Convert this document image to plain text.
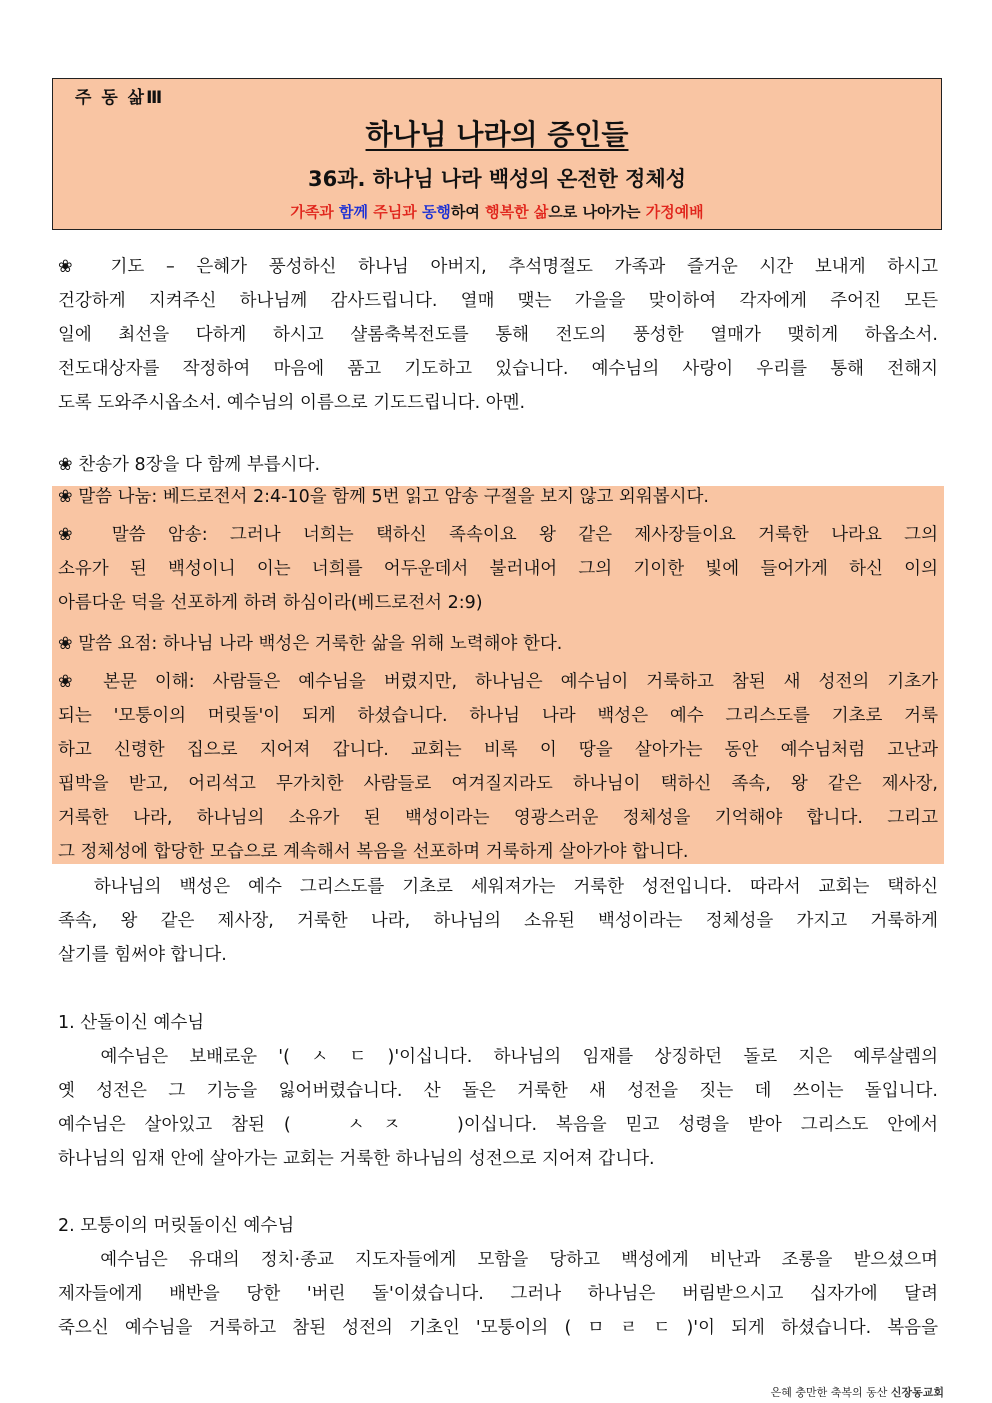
주 동 삶Ⅲ
하나님 나라의 증인들
36과. 하나님 나라 백성의 온전한 정체성
가족과 함께 주님과 동행하여 행복한 삶으로 나아가는 가정예배
❀ 기도 – 은혜가 풍성하신 하나님 아버지, 추석명절도 가족과 즐거운 시간 보내게 하시고
건강하게 지켜주신 하나님께 감사드립니다. 열매 맺는 가을을 맞이하여 각자에게 주어진 모든
일에 최선을 다하게 하시고 샬롬축복전도를 통해 전도의 풍성한 열매가 맺히게 하옵소서.
전도대상자를 작정하여 마음에 품고 기도하고 있습니다. 예수님의 사랑이 우리를 통해 전해지
도록 도와주시옵소서. 예수님의 이름으로 기도드립니다. 아멘.
❀ 찬송가 8장을 다 함께 부릅시다.
❀ 말씀 나눔: 베드로전서 2:4-10을 함께 5번 읽고 암송 구절을 보지 않고 외워봅시다.
❀ 말씀 암송: 그러나 너희는 택하신 족속이요 왕 같은 제사장들이요 거룩한 나라요 그의
소유가 된 백성이니 이는 너희를 어두운데서 불러내어 그의 기이한 빛에 들어가게 하신 이의
아름다운 덕을 선포하게 하려 하심이라(베드로전서 2:9)
❀ 말씀 요점: 하나님 나라 백성은 거룩한 삶을 위해 노력해야 한다.
❀ 본문 이해: 사람들은 예수님을 버렸지만, 하나님은 예수님이 거룩하고 참된 새 성전의 기초가
되는 '모퉁이의 머릿돌'이 되게 하셨습니다. 하나님 나라 백성은 예수 그리스도를 기초로 거룩
하고 신령한 집으로 지어져 갑니다. 교회는 비록 이 땅을 살아가는 동안 예수님처럼 고난과
핍박을 받고, 어리석고 무가치한 사람들로 여겨질지라도 하나님이 택하신 족속, 왕 같은 제사장,
거룩한 나라, 하나님의 소유가 된 백성이라는 영광스러운 정체성을 기억해야 합니다. 그리고
그 정체성에 합당한 모습으로 계속해서 복음을 선포하며 거룩하게 살아가야 합니다.
하나님의 백성은 예수 그리스도를 기초로 세워져가는 거룩한 성전입니다. 따라서 교회는 택하신
족속, 왕 같은 제사장, 거룩한 나라, 하나님의 소유된 백성이라는 정체성을 가지고 거룩하게
살기를 힘써야 합니다.
1. 산돌이신 예수님
예수님은 보배로운 '( ㅅ ㄷ )'이십니다. 하나님의 임재를 상징하던 돌로 지은 예루살렘의
옛 성전은 그 기능을 잃어버렸습니다. 산 돌은 거룩한 새 성전을 짓는 데 쓰이는 돌입니다.
예수님은 살아있고 참된 (   ㅅ ㅈ   )이십니다. 복음을 믿고 성령을 받아 그리스도 안에서
하나님의 임재 안에 살아가는 교회는 거룩한 하나님의 성전으로 지어져 갑니다.
2. 모퉁이의 머릿돌이신 예수님
예수님은 유대의 정치·종교 지도자들에게 모함을 당하고 백성에게 비난과 조롱을 받으셨으며
제자들에게 배반을 당한 '버린 돌'이셨습니다. 그러나 하나님은 버림받으시고 십자가에 달려
죽으신 예수님을 거룩하고 참된 성전의 기초인 '모퉁이의 ( ㅁ ㄹ ㄷ )'이 되게 하셨습니다. 복음을
은혜 충만한 축복의 동산 신장동교회
